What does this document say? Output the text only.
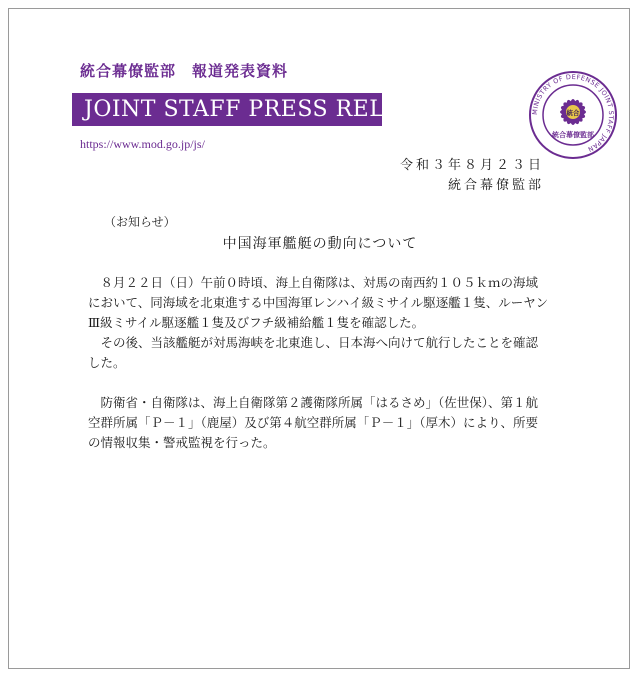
統合幕僚監部　報道発表資料
JOINT STAFF PRESS RELEASE
https://www.mod.go.jp/js/
MINISTRY OF DEFENSE JOINT STAFF JAPAN
統合
統合幕僚監部
令和３年８月２３日
統合幕僚監部
（お知らせ）
中国海軍艦艇の動向について

８月２２日（日）午前０時頃、海上自衛隊は、対馬の南西約１０５ｋｍの海域において、同海域を北東進する中国海軍レンハイ級ミサイル駆逐艦１隻、ルーヤンⅢ級ミサイル駆逐艦１隻及びフチ級補給艦１隻を確認した。

その後、当該艦艇が対馬海峡を北東進し、日本海へ向けて航行したことを確認した。

防衛省・自衛隊は、海上自衛隊第２護衛隊所属「はるさめ」（佐世保）、第１航空群所属「Ｐ－１」（鹿屋）及び第４航空群所属「Ｐ－１」（厚木）により、所要の情報収集・警戒監視を行った。
